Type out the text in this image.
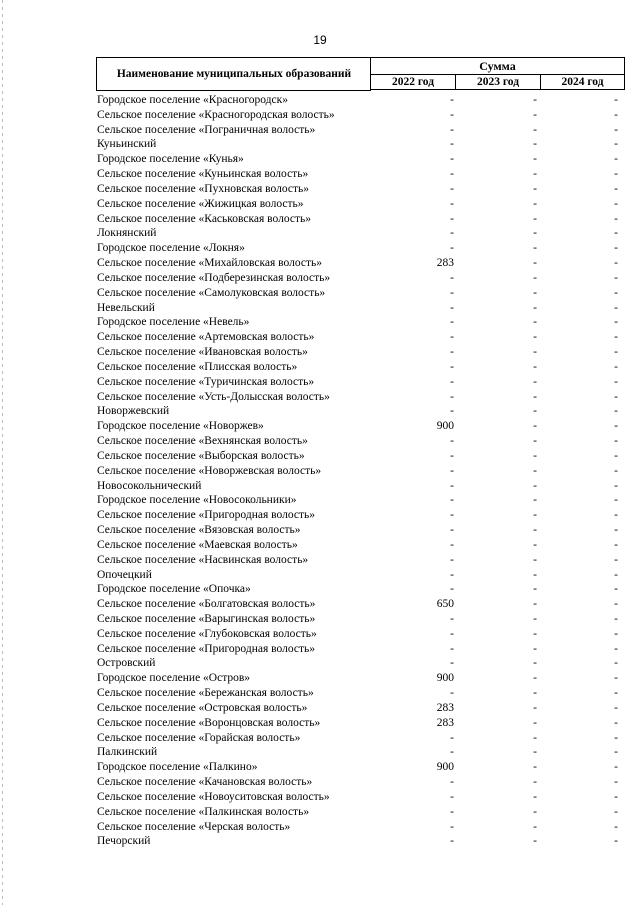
19
Наименование муниципальных образований
Сумма
2022 год	2023 год	2024 год
Городское поселение «Красногородск»	-	-	-
Сельское поселение «Красногородская волость»	-	-	-
Сельское поселение «Пограничная волость»	-	-	-
Куньинский	-	-	-
Городское поселение «Кунья»	-	-	-
Сельское поселение «Куньинская волость»	-	-	-
Сельское поселение «Пухновская волость»	-	-	-
Сельское поселение «Жижицкая волость»	-	-	-
Сельское поселение «Каськовская волость»	-	-	-
Локнянский	-	-	-
Городское поселение «Локня»	-	-	-
Сельское поселение «Михайловская волость»	283	-	-
Сельское поселение «Подберезинская волость»	-	-	-
Сельское поселение «Самолуковская волость»	-	-	-
Невельский	-	-	-
Городское поселение «Невель»	-	-	-
Сельское поселение «Артемовская волость»	-	-	-
Сельское поселение «Ивановская волость»	-	-	-
Сельское поселение «Плисская волость»	-	-	-
Сельское поселение «Туричинская волость»	-	-	-
Сельское поселение «Усть-Долысская волость»	-	-	-
Новоржевский	-	-	-
Городское поселение «Новоржев»	900	-	-
Сельское поселение «Вехнянская волость»	-	-	-
Сельское поселение «Выборская волость»	-	-	-
Сельское поселение «Новоржевская волость»	-	-	-
Новосокольнический	-	-	-
Городское поселение «Новосокольники»	-	-	-
Сельское поселение «Пригородная волость»	-	-	-
Сельское поселение «Вязовская волость»	-	-	-
Сельское поселение «Маевская волость»	-	-	-
Сельское поселение «Насвинская волость»	-	-	-
Опочецкий	-	-	-
Городское поселение «Опочка»	-	-	-
Сельское поселение «Болгатовская волость»	650	-	-
Сельское поселение «Варыгинская волость»	-	-	-
Сельское поселение «Глубоковская волость»	-	-	-
Сельское поселение «Пригородная волость»	-	-	-
Островский	-	-	-
Городское поселение «Остров»	900	-	-
Сельское поселение «Бережанская волость»	-	-	-
Сельское поселение «Островская волость»	283	-	-
Сельское поселение «Воронцовская волость»	283	-	-
Сельское поселение «Горайская волость»	-	-	-
Палкинский	-	-	-
Городское поселение «Палкино»	900	-	-
Сельское поселение «Качановская волость»	-	-	-
Сельское поселение «Новоуситовская волость»	-	-	-
Сельское поселение «Палкинская волость»	-	-	-
Сельское поселение «Черская волость»	-	-	-
Печорский	-	-	-
